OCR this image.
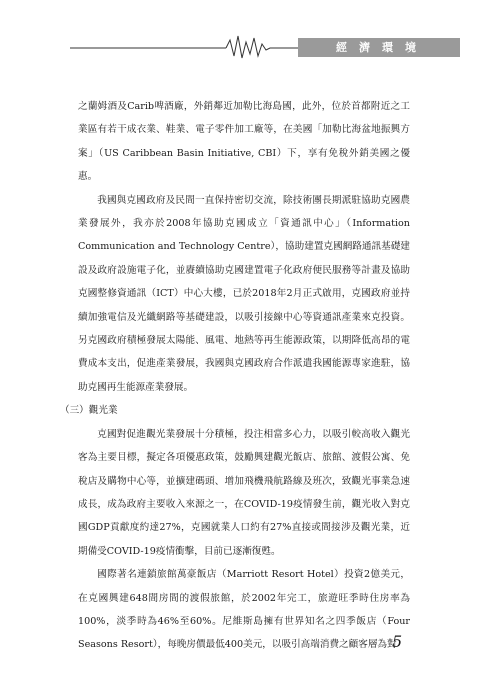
經濟環境

之蘭姆酒及Carib啤酒廠，外銷鄰近加勒比海島國，此外，位於首都附近之工業區有若干成衣業、鞋業、電子零件加工廠等，在美國「加勒比海盆地振興方案」（US Caribbean Basin Initiative, CBI）下，享有免稅外銷美國之優惠。

我國與克國政府及民間一直保持密切交流，除技術團長期派駐協助克國農業發展外，我亦於2008年協助克國成立「資通訊中心」（Information Communication and Technology Centre），協助建置克國網路通訊基礎建設及政府設施電子化，並賡續協助克國建置電子化政府便民服務等計畫及協助克國整修資通訊（ICT）中心大樓，已於2018年2月正式啟用，克國政府並持續加強電信及光纖網路等基礎建設，以吸引接線中心等資通訊產業來克投資。另克國政府積極發展太陽能、風電、地熱等再生能源政策，以期降低高昂的電費成本支出，促進產業發展，我國與克國政府合作派遣我國能源專家進駐，協助克國再生能源產業發展。

（三）觀光業

克國對促進觀光業發展十分積極，投注相當多心力，以吸引較高收入觀光客為主要目標，擬定各項優惠政策，鼓勵興建觀光飯店、旅館、渡假公寓、免稅店及購物中心等，並擴建碼頭、增加飛機飛航路線及班次，致觀光事業急速成長，成為政府主要收入來源之一，在COVID-19疫情發生前，觀光收入對克國GDP貢獻度約達27%，克國就業人口約有27%直接或間接涉及觀光業，近期備受COVID-19疫情衝擊，目前已逐漸復甦。

國際著名連鎖旅館萬豪飯店（Marriott Resort Hotel）投資2億美元，在克國興建648間房間的渡假旅館，於2002年完工，旅遊旺季時住房率為100%，淡季時為46%至60%。尼維斯島擁有世界知名之四季飯店（Four Seasons Resort），每晚房價最低400美元，以吸引高端消費之顧客層為對

5
